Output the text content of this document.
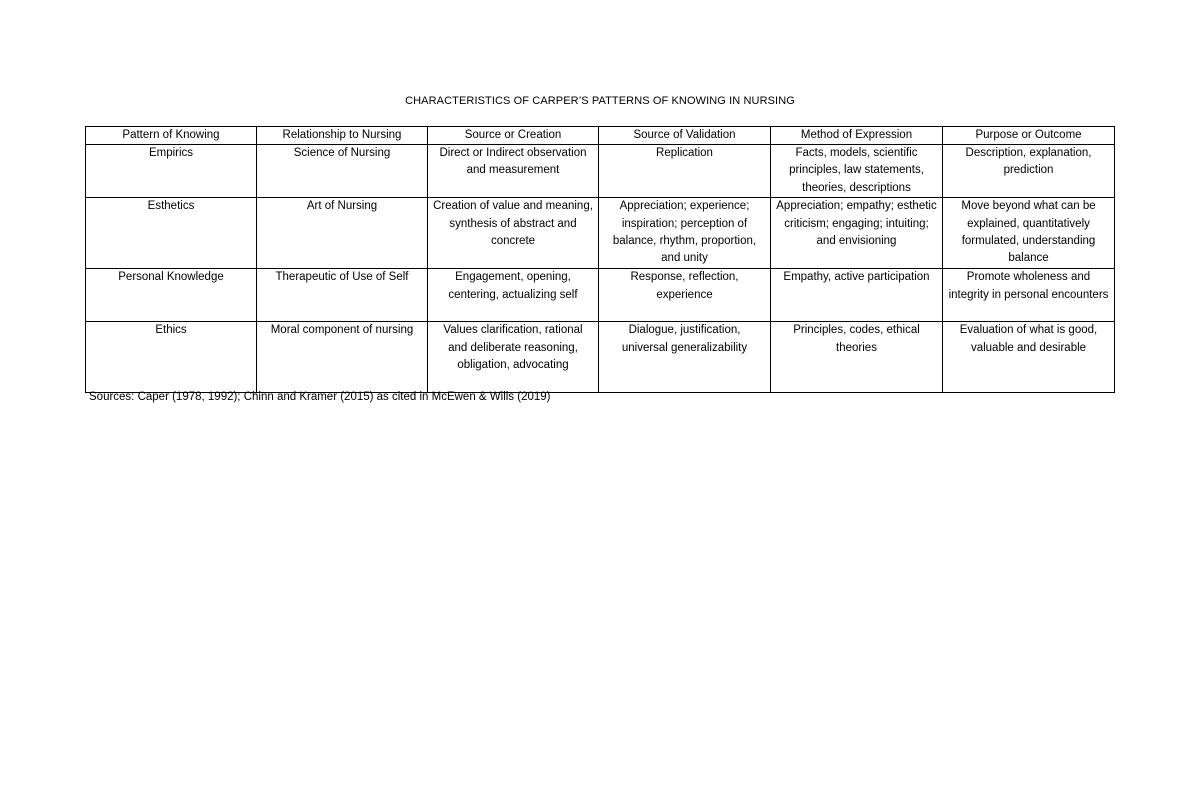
CHARACTERISTICS OF CARPER’S PATTERNS OF KNOWING IN NURSING
Pattern of Knowing	Relationship to Nursing	Source or Creation	Source of Validation	Method of Expression	Purpose or Outcome
Empirics	Science of Nursing	Direct or Indirect observation and measurement	Replication	Facts, models, scientific principles, law statements, theories, descriptions	Description, explanation, prediction
Esthetics	Art of Nursing	Creation of value and meaning, synthesis of abstract and concrete	Appreciation; experience; inspiration; perception of balance, rhythm, proportion, and unity	Appreciation; empathy; esthetic criticism; engaging; intuiting; and envisioning	Move beyond what can be explained, quantitatively formulated, understanding balance
Personal Knowledge	Therapeutic of Use of Self	Engagement, opening, centering, actualizing self	Response, reflection, experience	Empathy, active participation	Promote wholeness and integrity in personal encounters
Ethics	Moral component of nursing	Values clarification, rational and deliberate reasoning, obligation, advocating	Dialogue, justification, universal generalizability	Principles, codes, ethical theories	Evaluation of what is good, valuable and desirable
Sources: Caper (1978, 1992); Chinn and Kramer (2015) as cited in McEwen & Wills (2019)
